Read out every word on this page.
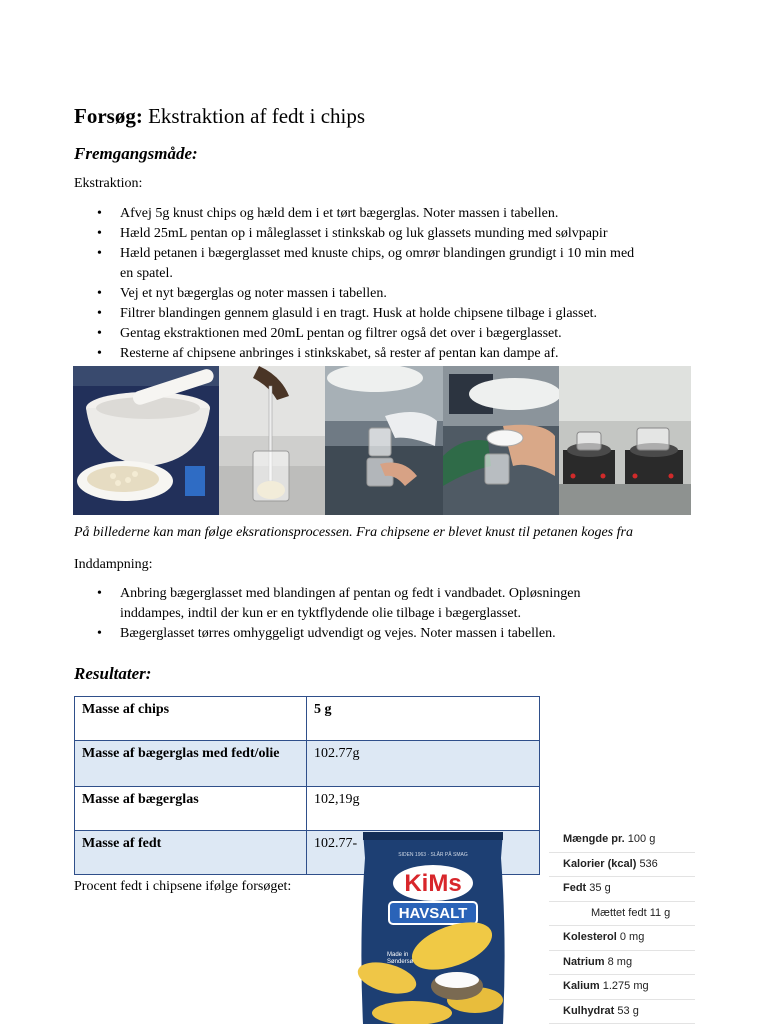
Forsøg: Ekstraktion af fedt i chips
Fremgangsmåde:
Ekstraktion:
• Afvej 5g knust chips og hæld dem i et tørt bægerglas. Noter massen i tabellen.
• Hæld 25mL pentan op i måleglasset i stinkskab og luk glassets munding med sølvpapir
• Hæld petanen i bægerglasset med knuste chips, og omrør blandingen grundigt i 10 min med
en spatel.
• Vej et nyt bægerglas og noter massen i tabellen.
• Filtrer blandingen gennem glasuld i en tragt. Husk at holde chipsene tilbage i glasset.
• Gentag ekstraktionen med 20mL pentan og filtrer også det over i bægerglasset.
• Resterne af chipsene anbringes i stinkskabet, så rester af pentan kan dampe af.
På billederne kan man følge eksrationsprocessen. Fra chipsene er blevet knust til petanen koges fra
Inddampning:
• Anbring bægerglasset med blandingen af pentan og fedt i vandbadet. Opløsningen
inddampes, indtil der kun er en tyktflydende olie tilbage i bægerglasset.
• Bægerglasset tørres omhyggeligt udvendigt og vejes. Noter massen i tabellen.
Resultater:
Masse af chips	5 g
Masse af bægerglas med fedt/olie	102.77g
Masse af bægerglas	102,19g
Masse af fedt	102.77-
Procent fedt i chipsene ifølge forsøget:
SIDEN 1963 · SLÅR PÅ SMAG
KiMs
HAVSALT
Made in
Søndersø
Mængde pr. 100 g
Kalorier (kcal) 536
Fedt 35 g
Mættet fedt 11 g
Kolesterol 0 mg
Natrium 8 mg
Kalium 1.275 mg
Kulhydrat 53 g
